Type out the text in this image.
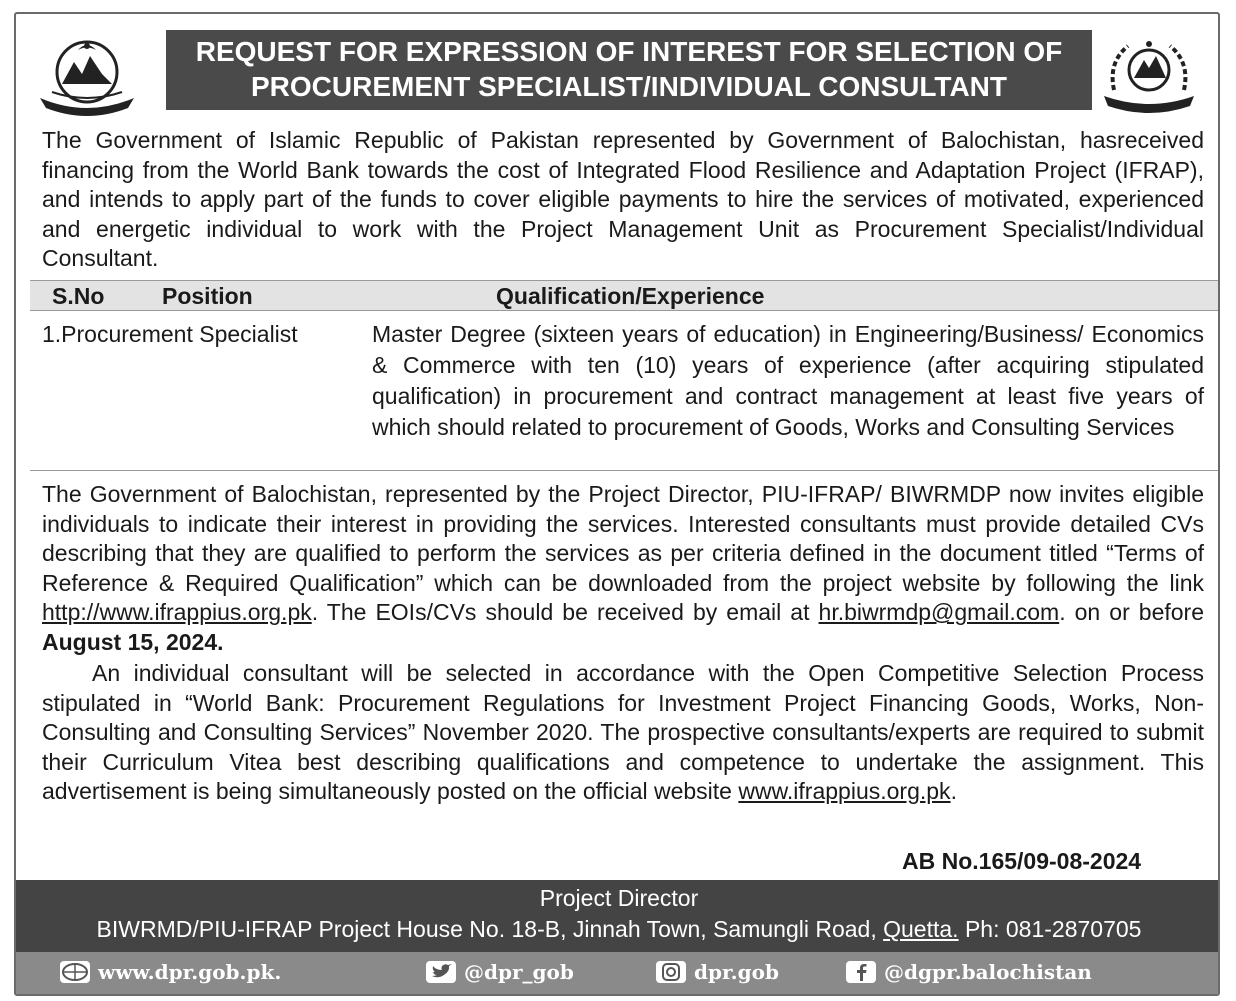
REQUEST FOR EXPRESSION OF INTEREST FOR SELECTION OF
PROCUREMENT SPECIALIST/INDIVIDUAL CONSULTANT
The Government of Islamic Republic of Pakistan represented by Government of Balochistan, hasreceived financing from the World Bank towards the cost of Integrated Flood Resilience and Adaptation Project (IFRAP), and intends to apply part of the funds to cover eligible payments to hire the services of motivated, experienced and energetic individual to work with the Project Management Unit as Procurement Specialist/Individual Consultant.
S.No	Position	Qualification/Experience
1.Procurement Specialist	Master Degree (sixteen years of education) in Engineering/Business/ Economics & Commerce with ten (10) years of experience (after acquiring stipulated qualification) in procurement and contract management at least five years of which should related to procurement of Goods, Works and Consulting Services
The Government of Balochistan, represented by the Project Director, PIU-IFRAP/ BIWRMDP now invites eligible individuals to indicate their interest in providing the services. Interested consultants must provide detailed CVs describing that they are qualified to perform the services as per criteria defined in the document titled “Terms of Reference & Required Qualification” which can be downloaded from the project website by following the link http://www.ifrappius.org.pk. The EOIs/CVs should be received by email at hr.biwrmdp@gmail.com. on or before August 15, 2024.
An individual consultant will be selected in accordance with the Open Competitive Selection Process stipulated in “World Bank: Procurement Regulations for Investment Project Financing Goods, Works, Non-Consulting and Consulting Services” November 2020. The prospective consultants/experts are required to submit their Curriculum Vitea best describing qualifications and competence to undertake the assignment. This advertisement is being simultaneously posted on the official website www.ifrappius.org.pk.
AB No.165/09-08-2024
Project Director
BIWRMD/PIU-IFRAP Project House No. 18-B, Jinnah Town, Samungli Road, Quetta. Ph: 081-2870705
www.dpr.gob.pk.	@dpr_gob	dpr.gob	@dgpr.balochistan
